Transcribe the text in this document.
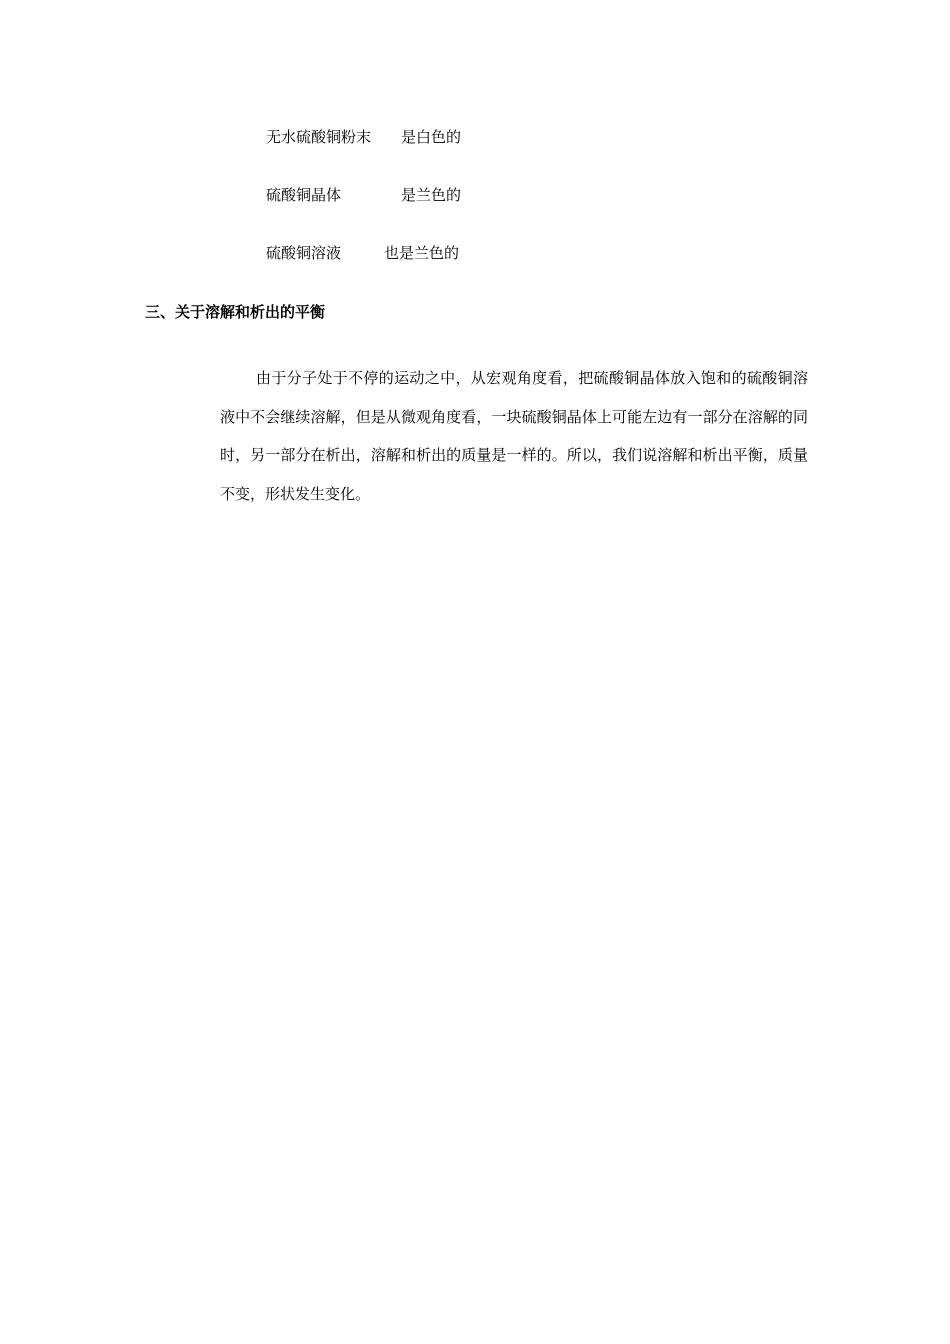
无水硫酸铜粉末 是白色的
硫酸铜晶体	是兰色的
硫酸铜溶液	也是兰色的
三、关于溶解和析出的平衡

由于分子处于不停的运动之中，从宏观角度看，把硫酸铜晶体放入饱和的硫酸铜溶液中不会继续溶解，但是从微观角度看，一块硫酸铜晶体上可能左边有一部分在溶解的同时，另一部分在析出，溶解和析出的质量是一样的。所以，我们说溶解和析出平衡，质量不变，形状发生变化。
